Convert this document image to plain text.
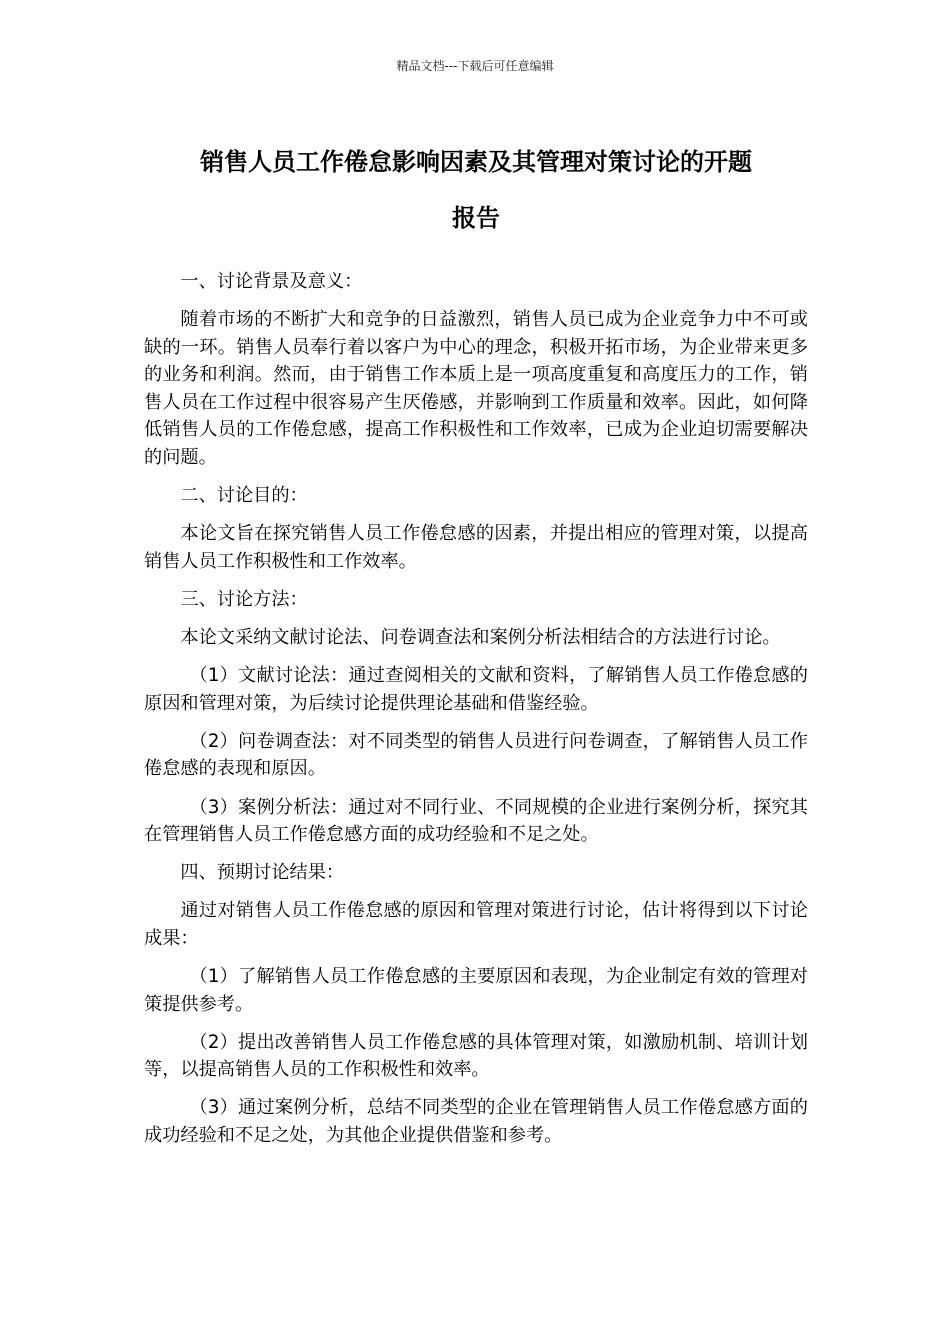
精品文档---下载后可任意编辑
销售人员工作倦怠影响因素及其管理对策讨论的开题
报告

一、讨论背景及意义：

随着市场的不断扩大和竞争的日益激烈，销售人员已成为企业竞争力中不可或缺的一环。销售人员奉行着以客户为中心的理念，积极开拓市场，为企业带来更多的业务和利润。然而，由于销售工作本质上是一项高度重复和高度压力的工作，销售人员在工作过程中很容易产生厌倦感，并影响到工作质量和效率。因此，如何降低销售人员的工作倦怠感，提高工作积极性和工作效率，已成为企业迫切需要解决的问题。

二、讨论目的：

本论文旨在探究销售人员工作倦怠感的因素，并提出相应的管理对策，以提高销售人员工作积极性和工作效率。

三、讨论方法：

本论文采纳文献讨论法、问卷调查法和案例分析法相结合的方法进行讨论。

（1）文献讨论法：通过查阅相关的文献和资料，了解销售人员工作倦怠感的原因和管理对策，为后续讨论提供理论基础和借鉴经验。

（2）问卷调查法：对不同类型的销售人员进行问卷调查，了解销售人员工作倦怠感的表现和原因。

（3）案例分析法：通过对不同行业、不同规模的企业进行案例分析，探究其在管理销售人员工作倦怠感方面的成功经验和不足之处。

四、预期讨论结果：

通过对销售人员工作倦怠感的原因和管理对策进行讨论，估计将得到以下讨论成果：

（1）了解销售人员工作倦怠感的主要原因和表现，为企业制定有效的管理对策提供参考。

（2）提出改善销售人员工作倦怠感的具体管理对策，如激励机制、培训计划等，以提高销售人员的工作积极性和效率。

（3）通过案例分析，总结不同类型的企业在管理销售人员工作倦怠感方面的成功经验和不足之处，为其他企业提供借鉴和参考。
